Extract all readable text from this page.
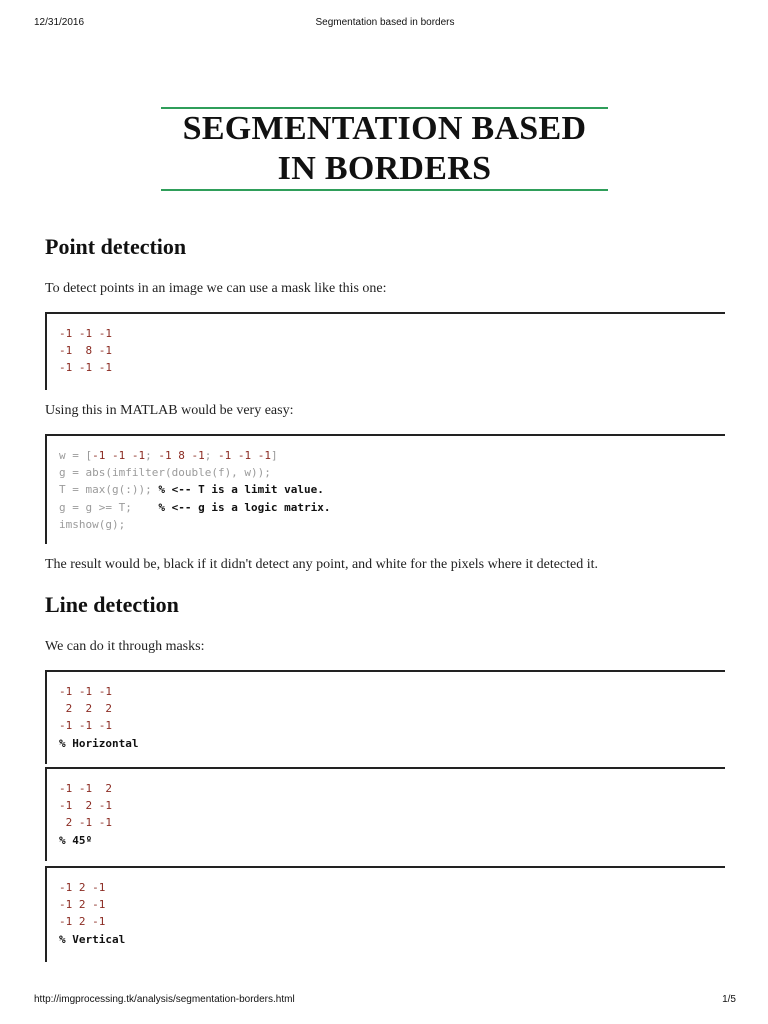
12/31/2016	Segmentation based in borders
SEGMENTATION BASED
IN BORDERS
Point detection

To detect points in an image we can use a mask like this one:

-1 -1 -1
-1 8 -1
-1 -1 -1

Using this in MATLAB would be very easy:

w = [-1 -1 -1; -1 8 -1; -1 -1 -1]
g = abs(imfilter(double(f), w));
T = max(g(:)); % <-- T is a limit value.
g = g >= T;    % <-- g is a logic matrix.
imshow(g);

The result would be, black if it didn't detect any point, and white for the pixels where it detected it.

Line detection

We can do it through masks:

-1 -1 -1
2 2 2
-1 -1 -1
% Horizontal
-1 -1 2
-1 2 -1
2 -1 -1
% 45º
-1 2 -1
-1 2 -1
-1 2 -1
% Vertical
http://imgprocessing.tk/analysis/segmentation-borders.html	1/5
